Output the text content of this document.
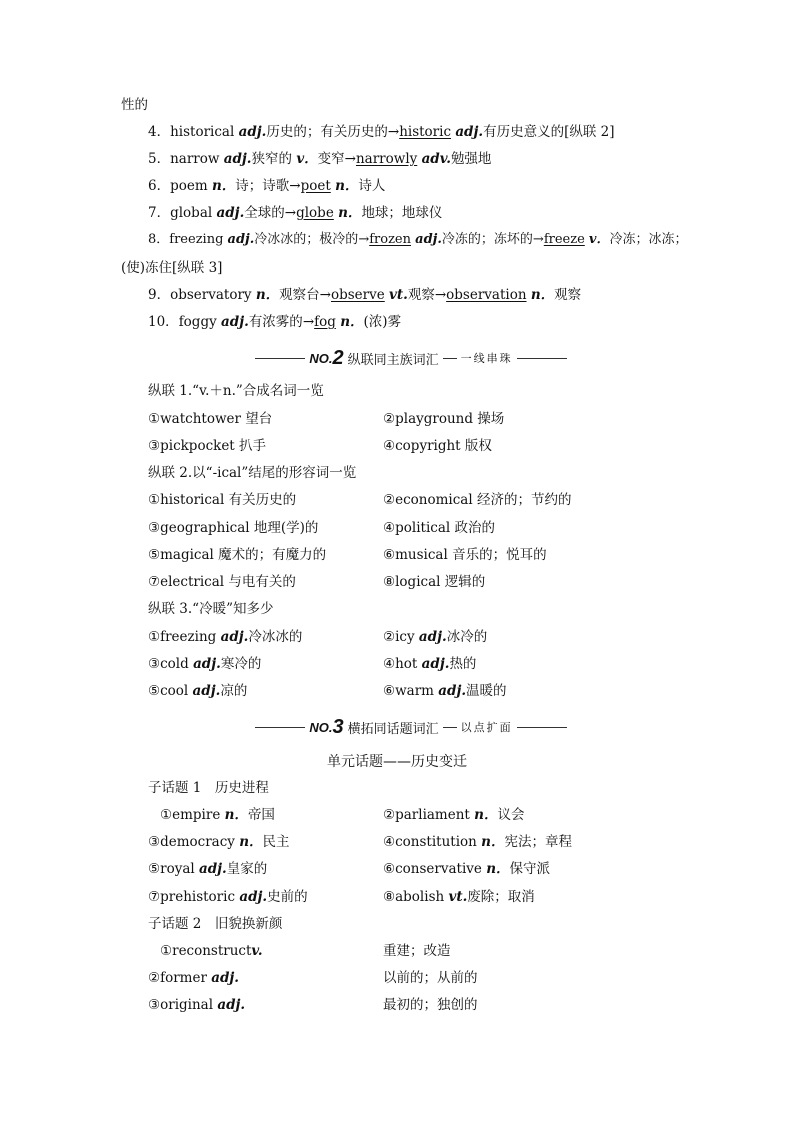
性的
4．historical adj.历史的；有关历史的→historic adj.有历史意义的[纵联 2]
5．narrow adj.狭窄的 v．变窄→narrowly adv.勉强地
6．poem n．诗；诗歌→poet n．诗人
7．global adj.全球的→globe n．地球；地球仪
8．freezing adj.冷冰冰的；极冷的→frozen adj.冷冻的；冻坏的→freeze v．冷冻；冰冻；
(使)冻住[纵联 3]
9．observatory n．观察台→observe vt.观察→observation n．观察
10．foggy adj.有浓雾的→fog n．(浓)雾
NO. 2 纵联同主族词汇 一线串珠
纵联 1.“v.＋n.”合成名词一览
①watchtower 望台	②playground 操场
③pickpocket 扒手	④copyright 版权
纵联 2.以“-ical”结尾的形容词一览
①historical 有关历史的	②economical 经济的；节约的
③geographical 地理(学)的	④political 政治的
⑤magical 魔术的；有魔力的	⑥musical 音乐的；悦耳的
⑦electrical 与电有关的	⑧logical 逻辑的
纵联 3.“冷暖”知多少
①freezing adj.冷冰冰的	②icy adj.冰冷的
③cold adj.寒冷的	④hot adj.热的
⑤cool adj.凉的	⑥warm adj.温暖的
NO. 3 横拓同话题词汇 以点扩面
单元话题——历史变迁
子话题 1　历史进程
①empire n．帝国	②parliament n．议会
③democracy n．民主	④constitution n．宪法；章程
⑤royal adj.皇家的	⑥conservative n．保守派
⑦prehistoric adj.史前的	⑧abolish vt.废除；取消
子话题 2　旧貌换新颜
①reconstructv.	重建；改造
②former adj.	以前的；从前的
③original adj.	最初的；独创的
